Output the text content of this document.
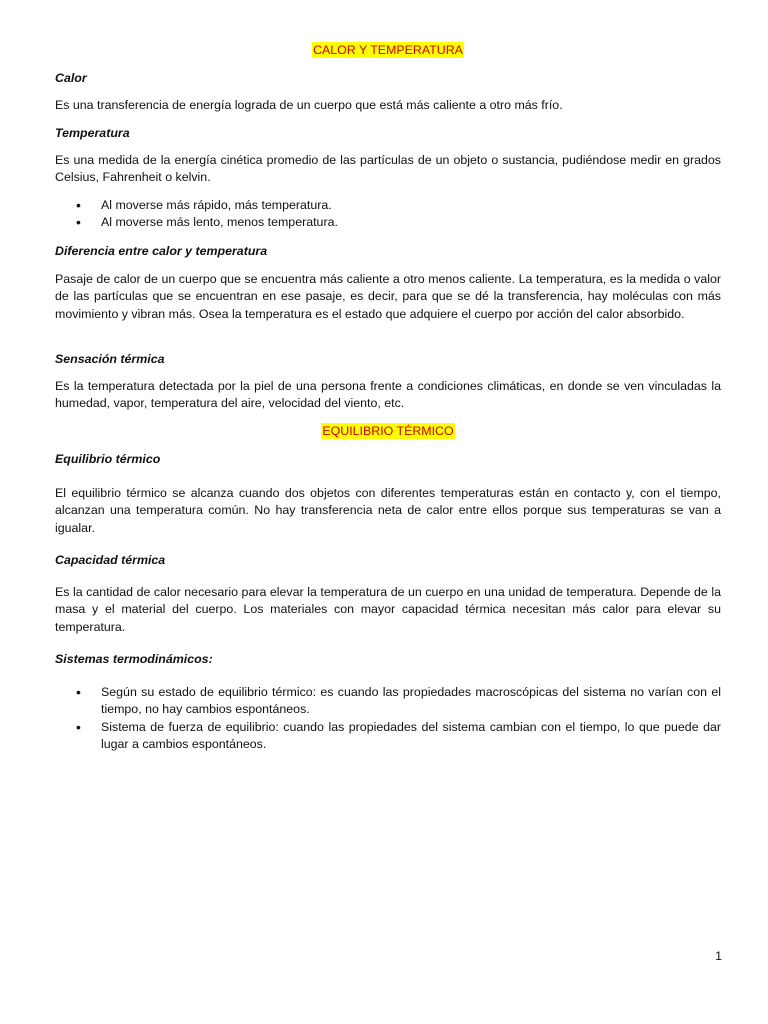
CALOR Y TEMPERATURA
Calor

Es una transferencia de energía lograda de un cuerpo que está más caliente a otro más frío.

Temperatura

Es una medida de la energía cinética promedio de las partículas de un objeto o sustancia, pudiéndose medir en grados Celsius, Fahrenheit o kelvin.

• Al moverse más rápido, más temperatura.
• Al moverse más lento, menos temperatura.
Diferencia entre calor y temperatura

Pasaje de calor de un cuerpo que se encuentra más caliente a otro menos caliente. La temperatura, es la medida o valor de las partículas que se encuentran en ese pasaje, es decir, para que se dé la transferencia, hay moléculas con más movimiento y vibran más. Osea la temperatura es el estado que adquiere el cuerpo por acción del calor absorbido.

Sensación térmica

Es la temperatura detectada por la piel de una persona frente a condiciones climáticas, en donde se ven vinculadas la humedad, vapor, temperatura del aire, velocidad del viento, etc.

EQUILIBRIO TÉRMICO
Equilibrio térmico

El equilibrio térmico se alcanza cuando dos objetos con diferentes temperaturas están en contacto y, con el tiempo, alcanzan una temperatura común. No hay transferencia neta de calor entre ellos porque sus temperaturas se van a igualar.

Capacidad térmica

Es la cantidad de calor necesario para elevar la temperatura de un cuerpo en una unidad de temperatura. Depende de la masa y el material del cuerpo. Los materiales con mayor capacidad térmica necesitan más calor para elevar su temperatura.

Sistemas termodinámicos:
• Según su estado de equilibrio térmico: es cuando las propiedades macroscópicas del sistema no varían con el tiempo, no hay cambios espontáneos.
• Sistema de fuerza de equilibrio: cuando las propiedades del sistema cambian con el tiempo, lo que puede dar lugar a cambios espontáneos.
1
